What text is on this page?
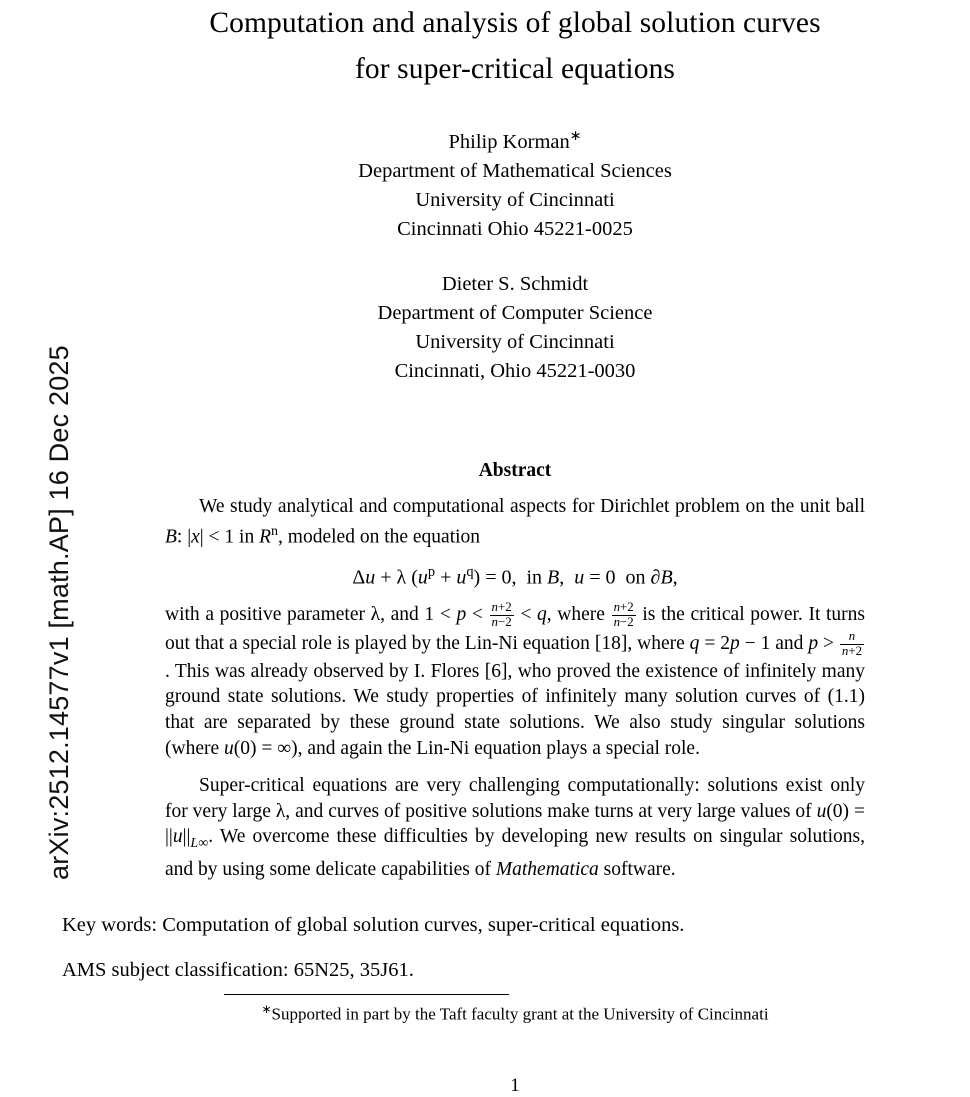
arXiv:2512.14577v1 [math.AP] 16 Dec 2025
Computation and analysis of global solution curves
for super-critical equations
Philip Korman∗
Department of Mathematical Sciences
University of Cincinnati
Cincinnati Ohio 45221-0025
Dieter S. Schmidt
Department of Computer Science
University of Cincinnati
Cincinnati, Ohio 45221-0030
Abstract

We study analytical and computational aspects for Dirichlet problem on the unit ball B: |x| < 1 in $R^n$, modeled on the equation

Δu + λ $(u^p + u^q) = 0$,  in B,  u = 0  on ∂B,

with a positive parameter λ, and $1 < p < \frac{n+2}{n-2} < q$, where $\frac{n+2}{n-2}$ is the critical power. It turns out that a special role is played by the Lin-Ni equation [18], where q = 2p − 1 and $p > \frac{n}{n+2}$
. This was already observed by I. Flores [6], who proved the existence of infinitely many ground state solutions. We study properties of infinitely many solution curves of (1.1) that are separated by these ground state solutions. We also study singular solutions (where u(0) = ∞), and again the Lin-Ni equation plays a special role.

Super-critical equations are very challenging computationally: solutions exist only for very large λ, and curves of positive solutions make turns at very large values of $u(0) = ||u||_{L\infty}$. We overcome these difficulties by developing new results on singular solutions, and by using some delicate capabilities of Mathematica software.

Key words: Computation of global solution curves, super-critical equations.
AMS subject classification: 65N25, 35J61.
∗Supported in part by the Taft faculty grant at the University of Cincinnati
1
